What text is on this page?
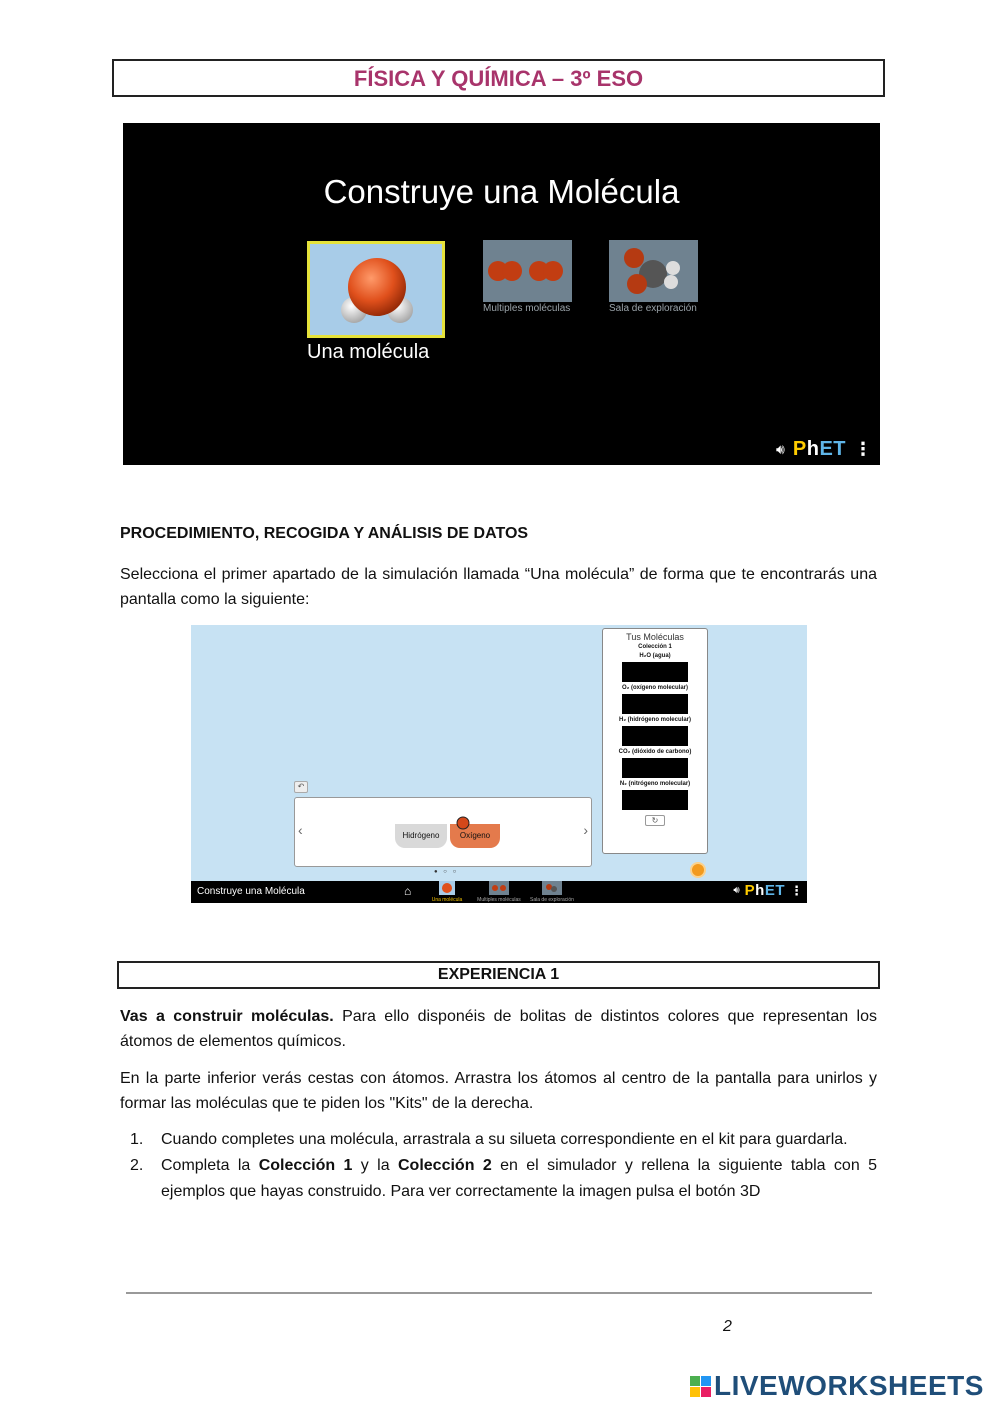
FÍSICA Y QUÍMICA – 3º ESO
Construye una Molécula
Una molécula
Multiples moléculas	Sala de exploración
🔊︎ PhET ⋮
PROCEDIMIENTO, RECOGIDA Y ANÁLISIS DE DATOS
Selecciona el primer apartado de la simulación llamada “Una molécula” de forma que te encontrarás una pantalla como la siguiente:
Tus Moléculas
Colección 1
H₂O (agua)
O₂ (oxígeno molecular)
H₂ (hidrógeno molecular)
CO₂ (dióxido de carbono)
N₂ (nitrógeno molecular)
↻
↶
‹	Hidrógeno	Oxígeno	›
● ○ ○
Construye una Molécula	⌂
Una molécula	Multiples moléculas	Sala de exploración
🔊︎ PhET ⋮
EXPERIENCIA 1
Vas a construir moléculas. Para ello disponéis de bolitas de distintos colores que representan los átomos de elementos químicos.
En la parte inferior verás cestas con átomos. Arrastra los átomos al centro de la pantalla para unirlos y formar las moléculas que te piden los "Kits" de la derecha.
1. Cuando completes una molécula, arrastrala a su silueta correspondiente en el kit para guardarla.
2. Completa la Colección 1 y la Colección 2 en el simulador y rellena la siguiente tabla con 5 ejemplos que hayas construido. Para ver correctamente la imagen pulsa el botón 3D
2
LIVEWORKSHEETS
